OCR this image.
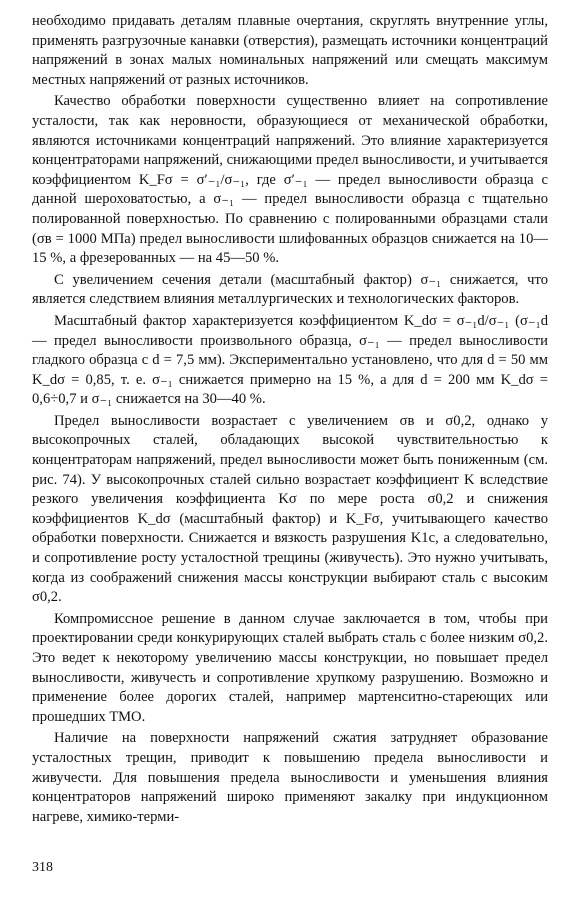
необходимо придавать деталям плавные очертания, скруглять внутренние углы, применять разгрузочные канавки (отверстия), размещать источники концентраций напряжений в зонах малых номинальных напряжений или смещать максимум местных напряжений от разных источников.

Качество обработки поверхности существенно влияет на сопротивление усталости, так как неровности, образующиеся от механической обработки, являются источниками концентраций напряжений. Это влияние характеризуется концентраторами напряжений, снижающими предел выносливости, и учитывается коэффициентом K_Fσ = σ′₋₁/σ₋₁, где σ′₋₁ — предел выносливости образца с данной шероховатостью, а σ₋₁ — предел выносливости образца с тщательно полированной поверхностью. По сравнению с полированными образцами стали (σв = 1000 МПа) предел выносливости шлифованных образцов снижается на 10—15 %, а фрезерованных — на 45—50 %.

С увеличением сечения детали (масштабный фактор) σ₋₁ снижается, что является следствием влияния металлургических и технологических факторов.

Масштабный фактор характеризуется коэффициентом K_dσ = σ₋₁d/σ₋₁ (σ₋₁d — предел выносливости произвольного образца, σ₋₁ — предел выносливости гладкого образца с d = 7,5 мм). Экспериментально установлено, что для d = 50 мм K_dσ = 0,85, т. е. σ₋₁ снижается примерно на 15 %, а для d = 200 мм K_dσ = 0,6÷0,7 и σ₋₁ снижается на 30—40 %.

Предел выносливости возрастает с увеличением σв и σ0,2, однако у высокопрочных сталей, обладающих высокой чувствительностью к концентраторам напряжений, предел выносливости может быть пониженным (см. рис. 74). У высокопрочных сталей сильно возрастает коэффициент K вследствие резкого увеличения коэффициента Kσ по мере роста σ0,2 и снижения коэффициентов K_dσ (масштабный фактор) и K_Fσ, учитывающего качество обработки поверхности. Снижается и вязкость разрушения K1c, а следовательно, и сопротивление росту усталостной трещины (живучесть). Это нужно учитывать, когда из соображений снижения массы конструкции выбирают сталь с высоким σ0,2.

Компромиссное решение в данном случае заключается в том, чтобы при проектировании среди конкурирующих сталей выбрать сталь с более низким σ0,2. Это ведет к некоторому увеличению массы конструкции, но повышает предел выносливости, живучесть и сопротивление хрупкому разрушению. Возможно и применение более дорогих сталей, например мартенситно-стареющих или прошедших ТМО.

Наличие на поверхности напряжений сжатия затрудняет образование усталостных трещин, приводит к повышению предела выносливости и живучести. Для повышения предела выносливости и уменьшения влияния концентраторов напряжений широко применяют закалку при индукционном нагреве, химико-терми-

318
